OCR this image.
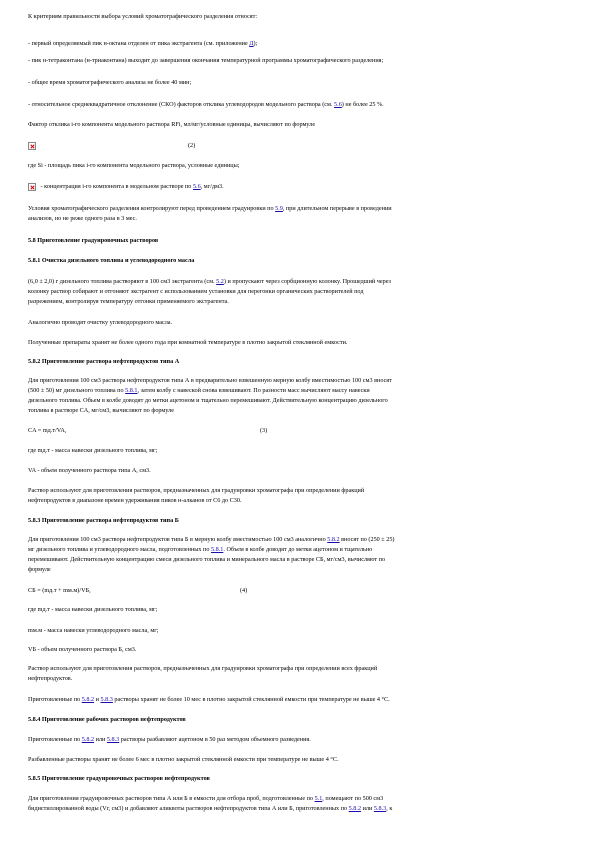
К критериям правильности выбора условий хроматографического разделения относят:
- первый определяемый пик н-октана отделен от пика экстрагента (см. приложение Д);
- пик н-тетраконтана (н-триаконтана) выходит до завершения окончания температурной программы хроматографического разделения;
- общее время хроматографического анализа не более 40 мин;
- относительное среднеквадратичное отклонение (СКО) факторов отклика углеводородов модельного раствора (см. 5.6) не более 25 %.
Фактор отклика i-го компонента модельного раствора RFi, мл/мг/условные единицы, вычисляют по формуле
(2)
где Si - площадь пика i-го компонента модельного раствора, условные единицы;
- концентрация i-го компонента в модельном растворе по 5.6, мг/дм3.
Условия хроматографического разделения контролируют перед проведением градуировки по 5.9, при длительном перерыве в проведении
анализов, но не реже одного раза в 3 мес.
5.8 Приготовление градуировочных растворов
5.8.1 Очистка дизельного топлива и углеводородного масла
(6,0 ± 2,0) г дизельного топлива растворяют в 100 см3 экстрагента (см. 5.2) и пропускают через сорбционную колонку. Прошедший через
колонку раствор собирают и отгоняют экстрагент с использованием установки для перегонки органических растворителей под
разрежением, контролируя температуру отгонки применяемого экстрагента.
Аналогично проводят очистку углеводородного масла.
Полученные препараты хранят не более одного года при комнатной температуре в плотно закрытой стеклянной емкости.
5.8.2 Приготовление раствора нефтепродуктов типа А
Для приготовления 100 см3 раствора нефтепродуктов типа А в предварительно взвешенную мерную колбу вместимостью 100 см3 вносят
(500 ± 50) мг дизельного топлива по 5.8.1, затем колбу с навеской снова взвешивают. По разности масс вычисляют массу навески
дизельного топлива. Объем в колбе доводят до метки ацетоном и тщательно перемешивают. Действительную концентрацию дизельного
топлива в растворе CA, мг/см3, вычисляют по формуле
CA = mд.т/VA,	(3)
где mд.т - масса навески дизельного топлива, мг;
VA - объем полученного раствора типа А, см3.
Раствор используют для приготовления растворов, предназначенных для градуировки хроматографа при определении фракций
нефтепродуктов в диапазоне времен удерживания пиков н-алканов от C6 до C30.
5.8.3 Приготовление раствора нефтепродуктов типа Б
Для приготовления 100 см3 раствора нефтепродуктов типа Б в мерную колбу вместимостью 100 см3 аналогично 5.8.2 вносят по (250 ± 25)
мг дизельного топлива и углеводородного масла, подготовленных по 5.8.1. Объем в колбе доводят до метки ацетоном и тщательно
перемешивают. Действительную концентрацию смеси дизельного топлива и минерального масла в растворе CБ, мг/см3, вычисляют по
формуле
CБ = (mд.т + mм.м)/VБ,	(4)
где mд.т - масса навески дизельного топлива, мг;
mм.м - масса навески углеводородного масла, мг;
VБ - объем полученного раствора Б, см3.
Раствор используют для приготовления растворов, предназначенных для градуировки хроматографа при определении всех фракций
нефтепродуктов.
Приготовленные по 5.8.2 и 5.8.3 растворы хранят не более 10 мес в плотно закрытой стеклянной емкости при температуре не выше 4 °С.
5.8.4 Приготовление рабочих растворов нефтепродуктов
Приготовленные по 5.8.2 или 5.8.3 растворы разбавляют ацетоном в 50 раз методом объемного разведения.
Разбавленные растворы хранят не более 6 мес в плотно закрытой стеклянной емкости при температуре не выше 4 °С.
5.8.5 Приготовление градуировочных растворов нефтепродуктов
Для приготовления градуировочных растворов типа А или Б в емкости для отбора проб, подготовленные по 5.1, помещают по 500 см3
бидистиллированной воды (Vг, см3) и добавляют аликвоты растворов нефтепродуктов типа А или Б, приготовленных по 5.8.2 или 5.8.3, к
